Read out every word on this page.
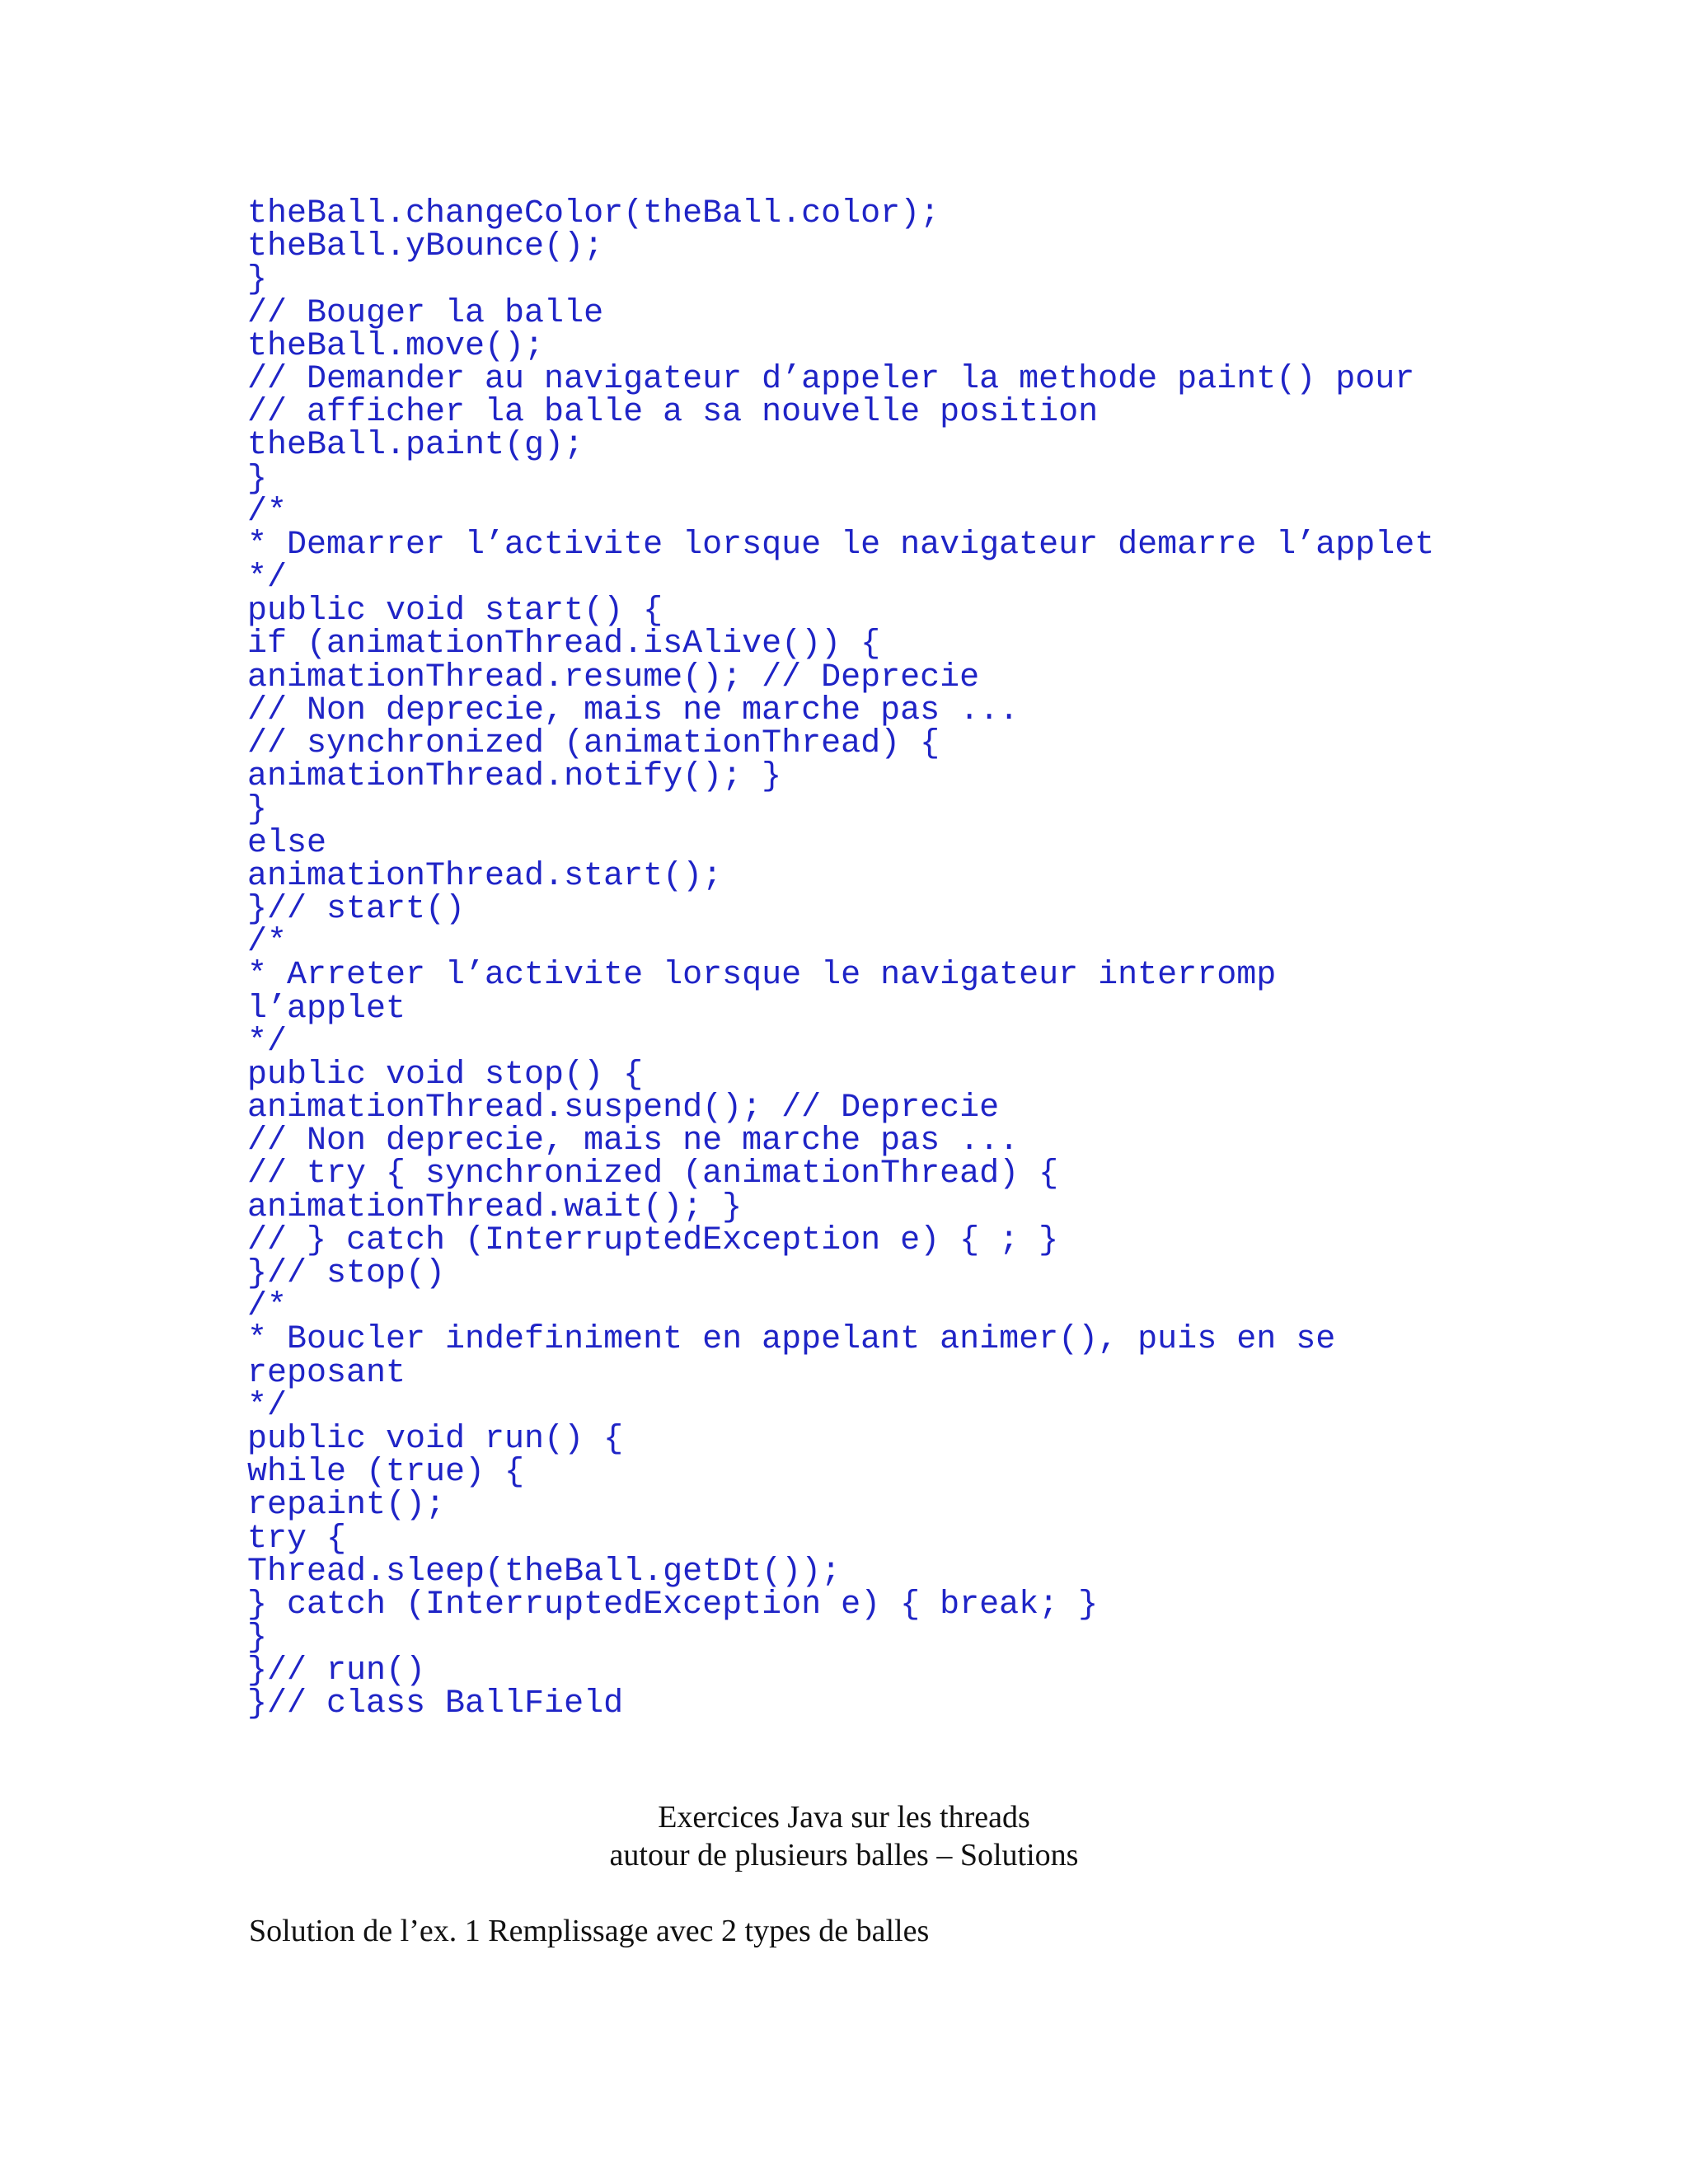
theBall.changeColor(theBall.color);
theBall.yBounce();
}
// Bouger la balle
theBall.move();
// Demander au navigateur d’appeler la methode paint() pour
// afficher la balle a sa nouvelle position
theBall.paint(g);
}
/*
* Demarrer l’activite lorsque le navigateur demarre l’applet
*/
public void start() {
if (animationThread.isAlive()) {
animationThread.resume(); // Deprecie
// Non deprecie, mais ne marche pas ...
// synchronized (animationThread) {
animationThread.notify(); }
}
else
animationThread.start();
}// start()
/*
* Arreter l’activite lorsque le navigateur interromp
l’applet
*/
public void stop() {
animationThread.suspend(); // Deprecie
// Non deprecie, mais ne marche pas ...
// try { synchronized (animationThread) {
animationThread.wait(); }
// } catch (InterruptedException e) { ; }
}// stop()
/*
* Boucler indefiniment en appelant animer(), puis en se
reposant
*/
public void run() {
while (true) {
repaint();
try {
Thread.sleep(theBall.getDt());
} catch (InterruptedException e) { break; }
}
}// run()
}// class BallField
Exercices Java sur les threads
autour de plusieurs balles – Solutions
Solution de l’ex. 1 Remplissage avec 2 types de balles
